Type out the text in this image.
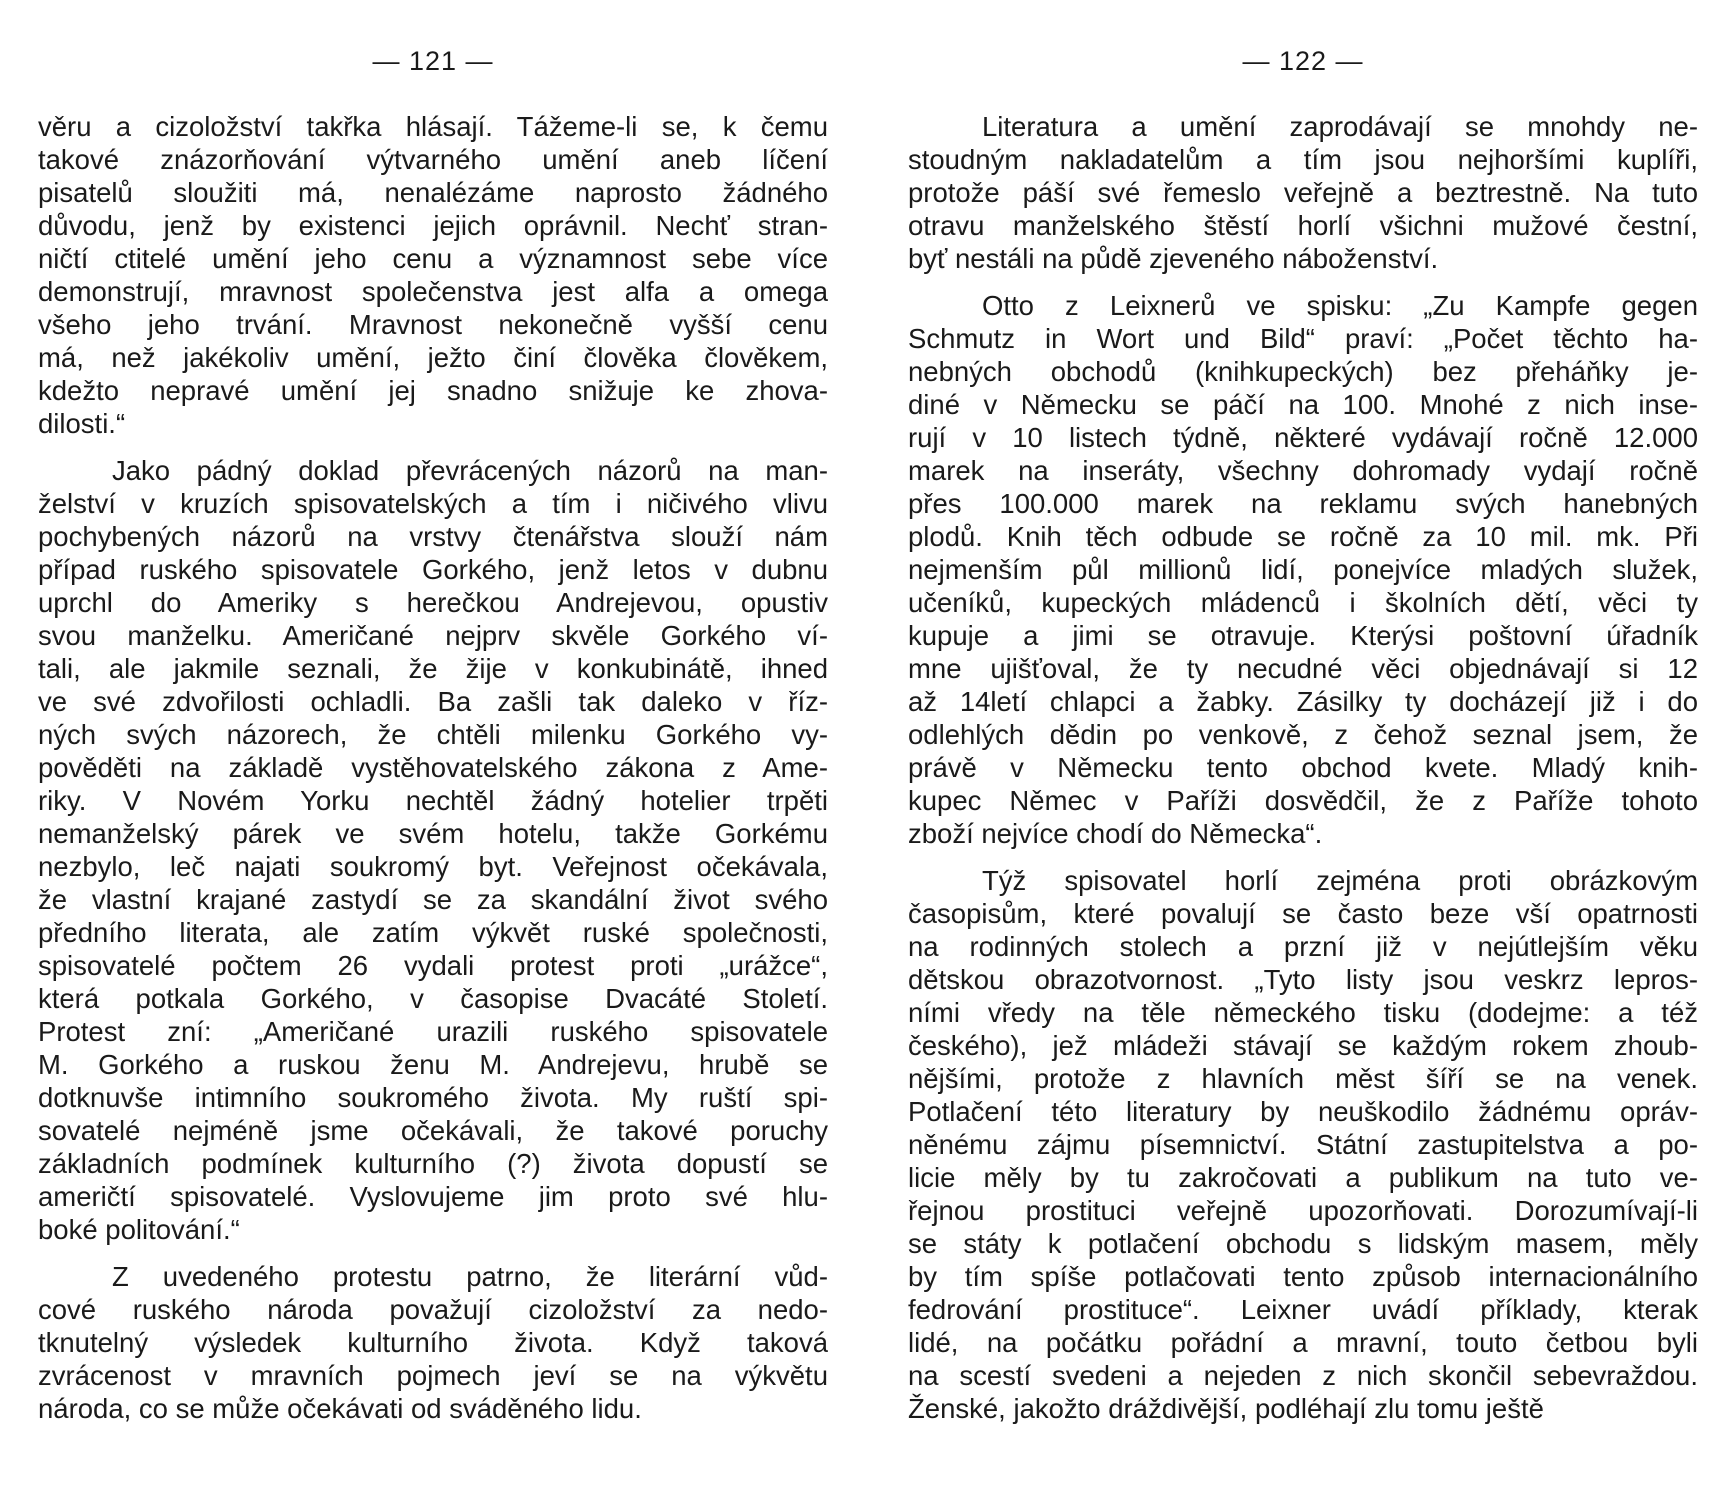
— 121 —
věru a cizoložství takřka hlásají. Tážeme-li se, k čemu
takové znázorňování výtvarného umění aneb líčení
pisatelů sloužiti má, nenalézáme naprosto žádného
důvodu, jenž by existenci jejich oprávnil. Nechť stran-
ničtí ctitelé umění jeho cenu a významnost sebe více
demonstrují, mravnost společenstva jest alfa a omega
všeho jeho trvání. Mravnost nekonečně vyšší cenu
má, než jakékoliv umění, ježto činí člověka člověkem,
kdežto nepravé umění jej snadno snižuje ke zhova-
dilosti.“
Jako pádný doklad převrácených názorů na man-
želství v kruzích spisovatelských a tím i ničivého vlivu
pochybených názorů na vrstvy čtenářstva slouží nám
případ ruského spisovatele Gorkého, jenž letos v dubnu
uprchl do Ameriky s herečkou Andrejevou, opustiv
svou manželku. Američané nejprv skvěle Gorkého ví-
tali, ale jakmile seznali, že žije v konkubinátě, ihned
ve své zdvořilosti ochladli. Ba zašli tak daleko v říz-
ných svých názorech, že chtěli milenku Gorkého vy-
pověděti na základě vystěhovatelského zákona z Ame-
riky. V Novém Yorku nechtěl žádný hotelier trpěti
nemanželský párek ve svém hotelu, takže Gorkému
nezbylo, leč najati soukromý byt. Veřejnost očekávala,
že vlastní krajané zastydí se za skandální život svého
předního literata, ale zatím výkvět ruské společnosti,
spisovatelé počtem 26 vydali protest proti „urážce“,
která potkala Gorkého, v časopise Dvacáté Století.
Protest zní: „Američané urazili ruského spisovatele
M. Gorkého a ruskou ženu M. Andrejevu, hrubě se
dotknuvše intimního soukromého života. My ruští spi-
sovatelé nejméně jsme očekávali, že takové poruchy
základních podmínek kulturního (?) života dopustí se
američtí spisovatelé. Vyslovujeme jim proto své hlu-
boké politování.“
Z uvedeného protestu patrno, že literární vůd-
cové ruského národa považují cizoložství za nedo-
tknutelný výsledek kulturního života. Když taková
zvrácenost v mravních pojmech jeví se na výkvětu
národa, co se může očekávati od sváděného lidu.
— 122 —
Literatura a umění zaprodávají se mnohdy ne-
stoudným nakladatelům a tím jsou nejhoršími kuplíři,
protože páší své řemeslo veřejně a beztrestně. Na tuto
otravu manželského štěstí horlí všichni mužové čestní,
byť nestáli na půdě zjeveného náboženství.
Otto z Leixnerů ve spisku: „Zu Kampfe gegen
Schmutz in Wort und Bild“ praví: „Počet těchto ha-
nebných obchodů (knihkupeckých) bez přeháňky je-
diné v Německu se páčí na 100. Mnohé z nich inse-
rují v 10 listech týdně, některé vydávají ročně 12.000
marek na inseráty, všechny dohromady vydají ročně
přes 100.000 marek na reklamu svých hanebných
plodů. Knih těch odbude se ročně za 10 mil. mk. Při
nejmenším půl millionů lidí, ponejvíce mladých služek,
učeníků, kupeckých mládenců i školních dětí, věci ty
kupuje a jimi se otravuje. Kterýsi poštovní úřadník
mne ujišťoval, že ty necudné věci objednávají si 12
až 14letí chlapci a žabky. Zásilky ty docházejí již i do
odlehlých dědin po venkově, z čehož seznal jsem, že
právě v Německu tento obchod kvete. Mladý knih-
kupec Němec v Paříži dosvědčil, že z Paříže tohoto
zboží nejvíce chodí do Německa“.
Týž spisovatel horlí zejména proti obrázkovým
časopisům, které povalují se často beze vší opatrnosti
na rodinných stolech a przní již v nejútlejším věku
dětskou obrazotvornost. „Tyto listy jsou veskrz lepros-
ními vředy na těle německého tisku (dodejme: a též
českého), jež mládeži stávají se každým rokem zhoub-
nějšími, protože z hlavních měst šíří se na venek.
Potlačení této literatury by neuškodilo žádnému opráv-
něnému zájmu písemnictví. Státní zastupitelstva a po-
licie měly by tu zakročovati a publikum na tuto ve-
řejnou prostituci veřejně upozorňovati. Dorozumívají-li
se státy k potlačení obchodu s lidským masem, měly
by tím spíše potlačovati tento způsob internacionálního
fedrování prostituce“. Leixner uvádí příklady, kterak
lidé, na počátku pořádní a mravní, touto četbou byli
na scestí svedeni a nejeden z nich skončil sebevraždou.
Ženské, jakožto dráždivější, podléhají zlu tomu ještě
